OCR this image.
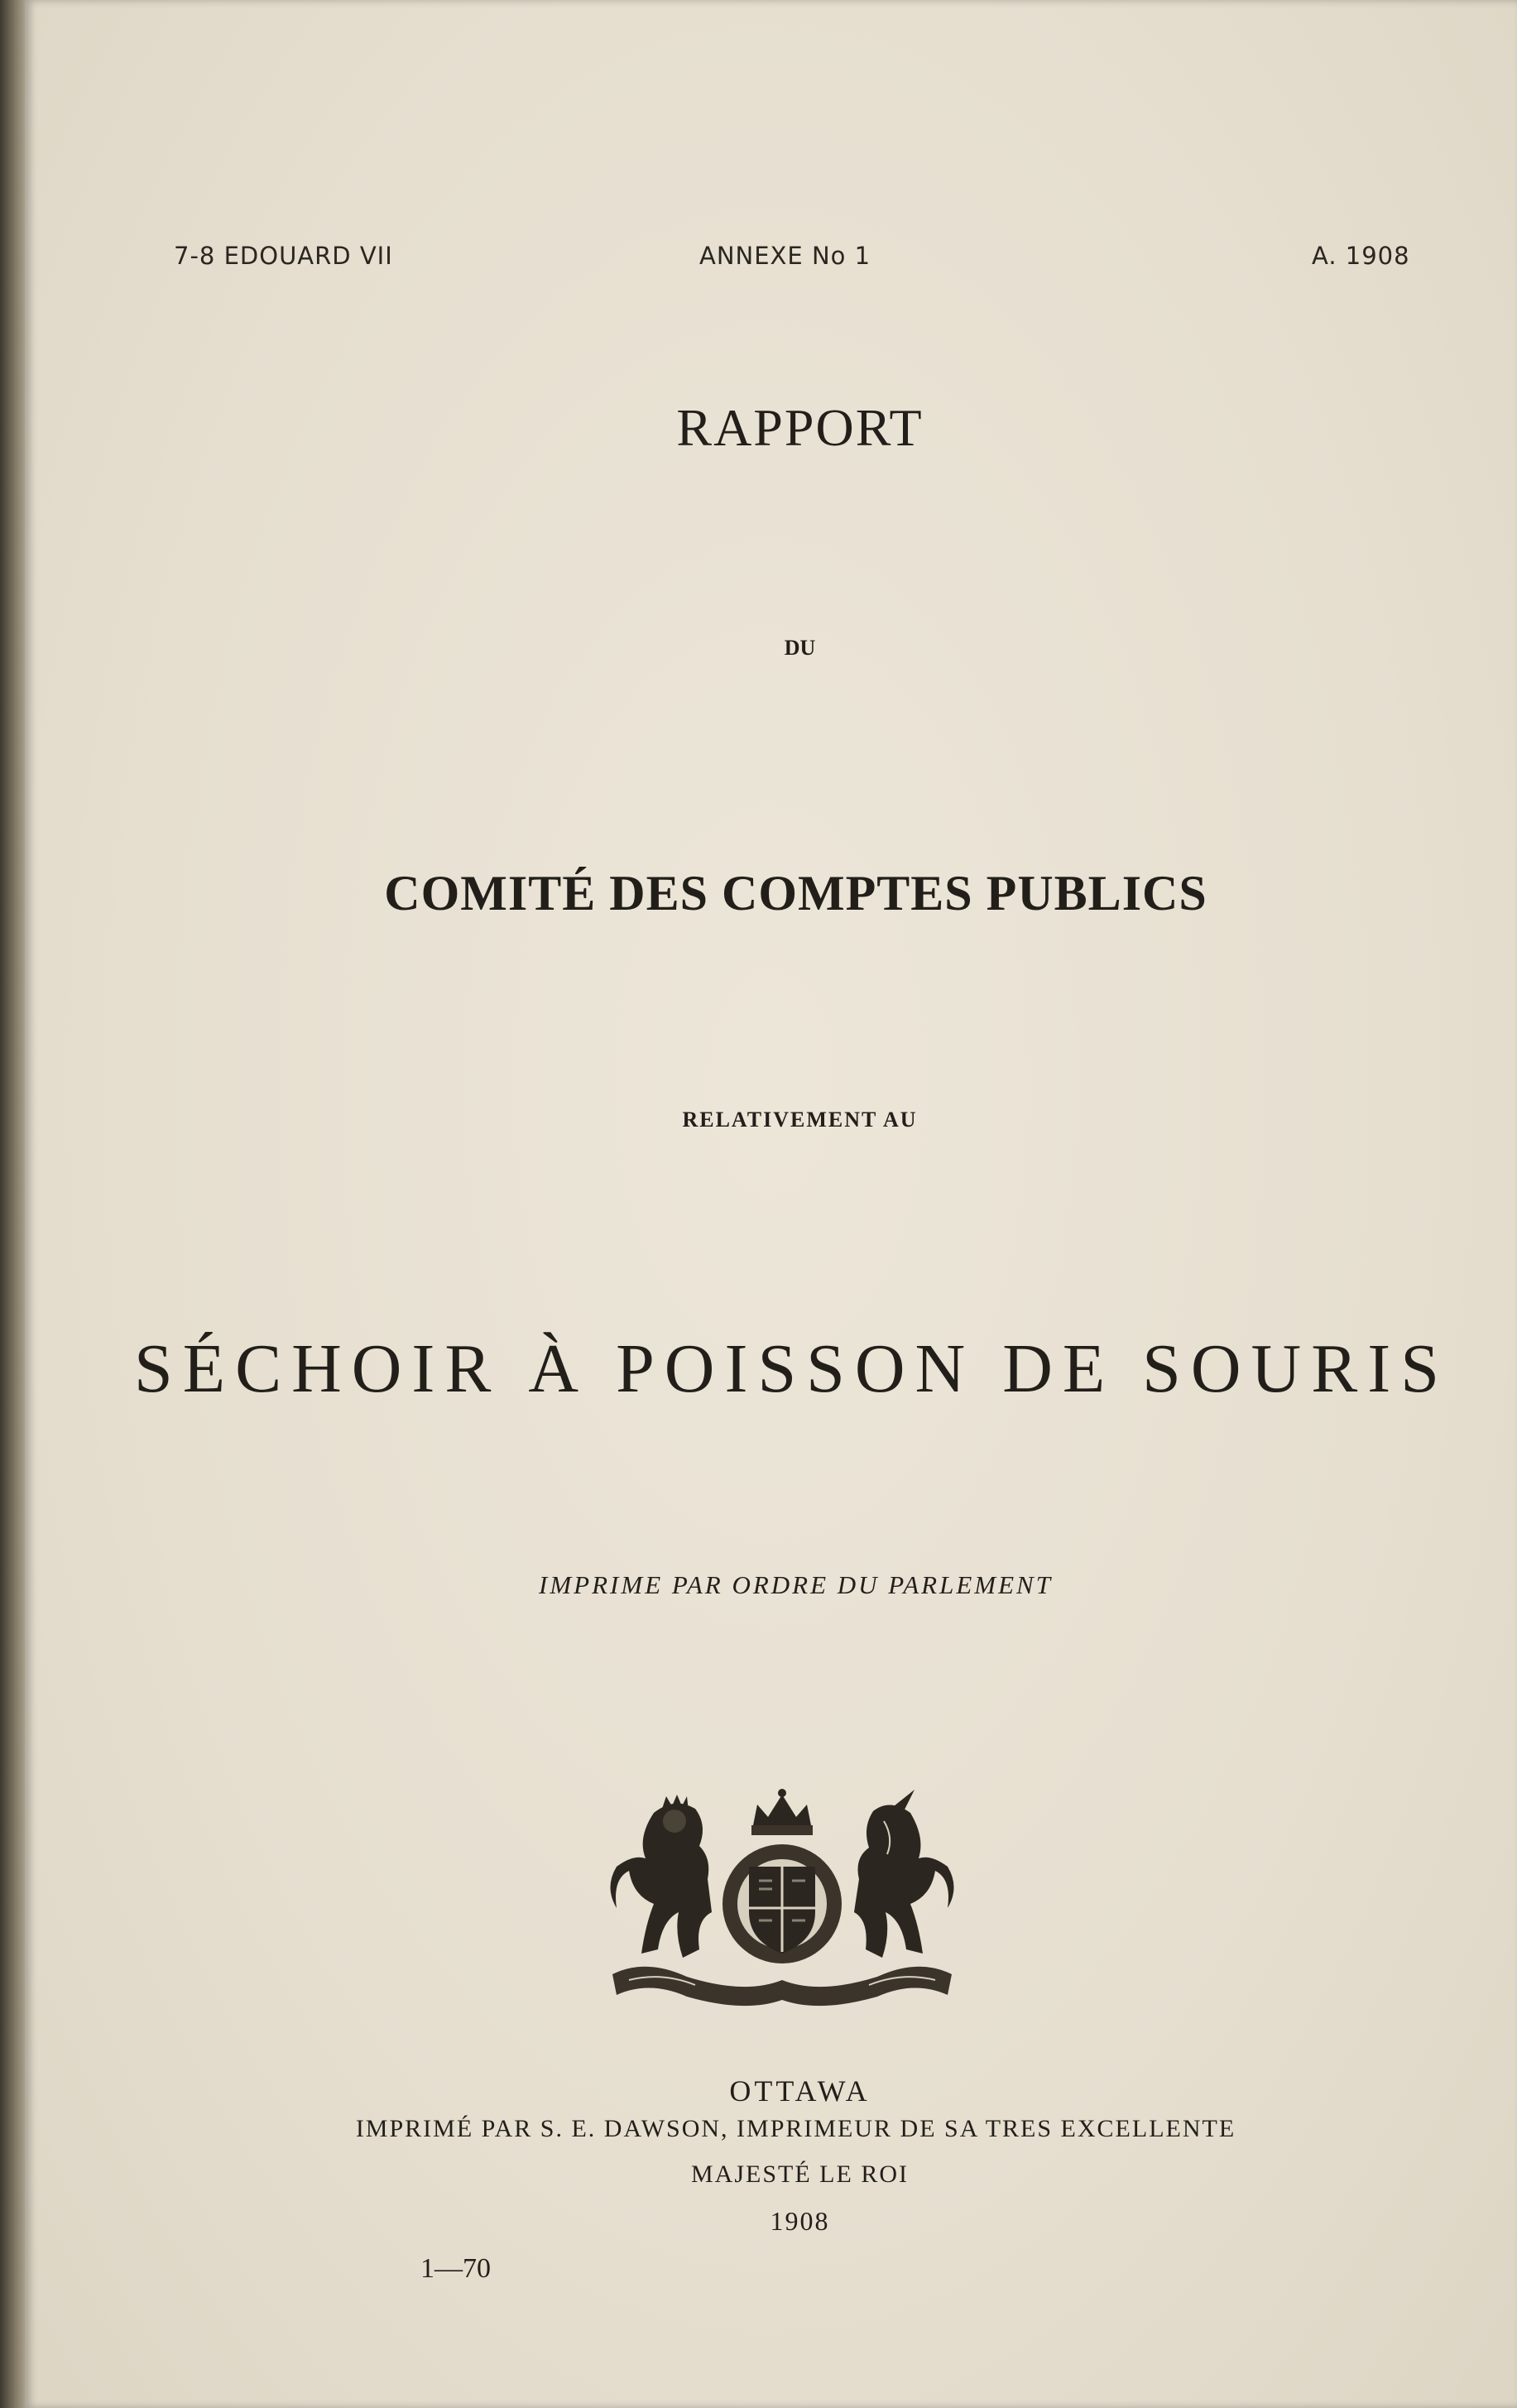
7-8 EDOUARD VII	ANNEXE No 1	A. 1908
RAPPORT
DU
COMITÉ DES COMPTES PUBLICS
RELATIVEMENT AU
SÉCHOIR À POISSON DE SOURIS
IMPRIME PAR ORDRE DU PARLEMENT
OTTAWA
IMPRIMÉ PAR S. E. DAWSON, IMPRIMEUR DE SA TRES EXCELLENTE
MAJESTÉ LE ROI
1908
1—70
